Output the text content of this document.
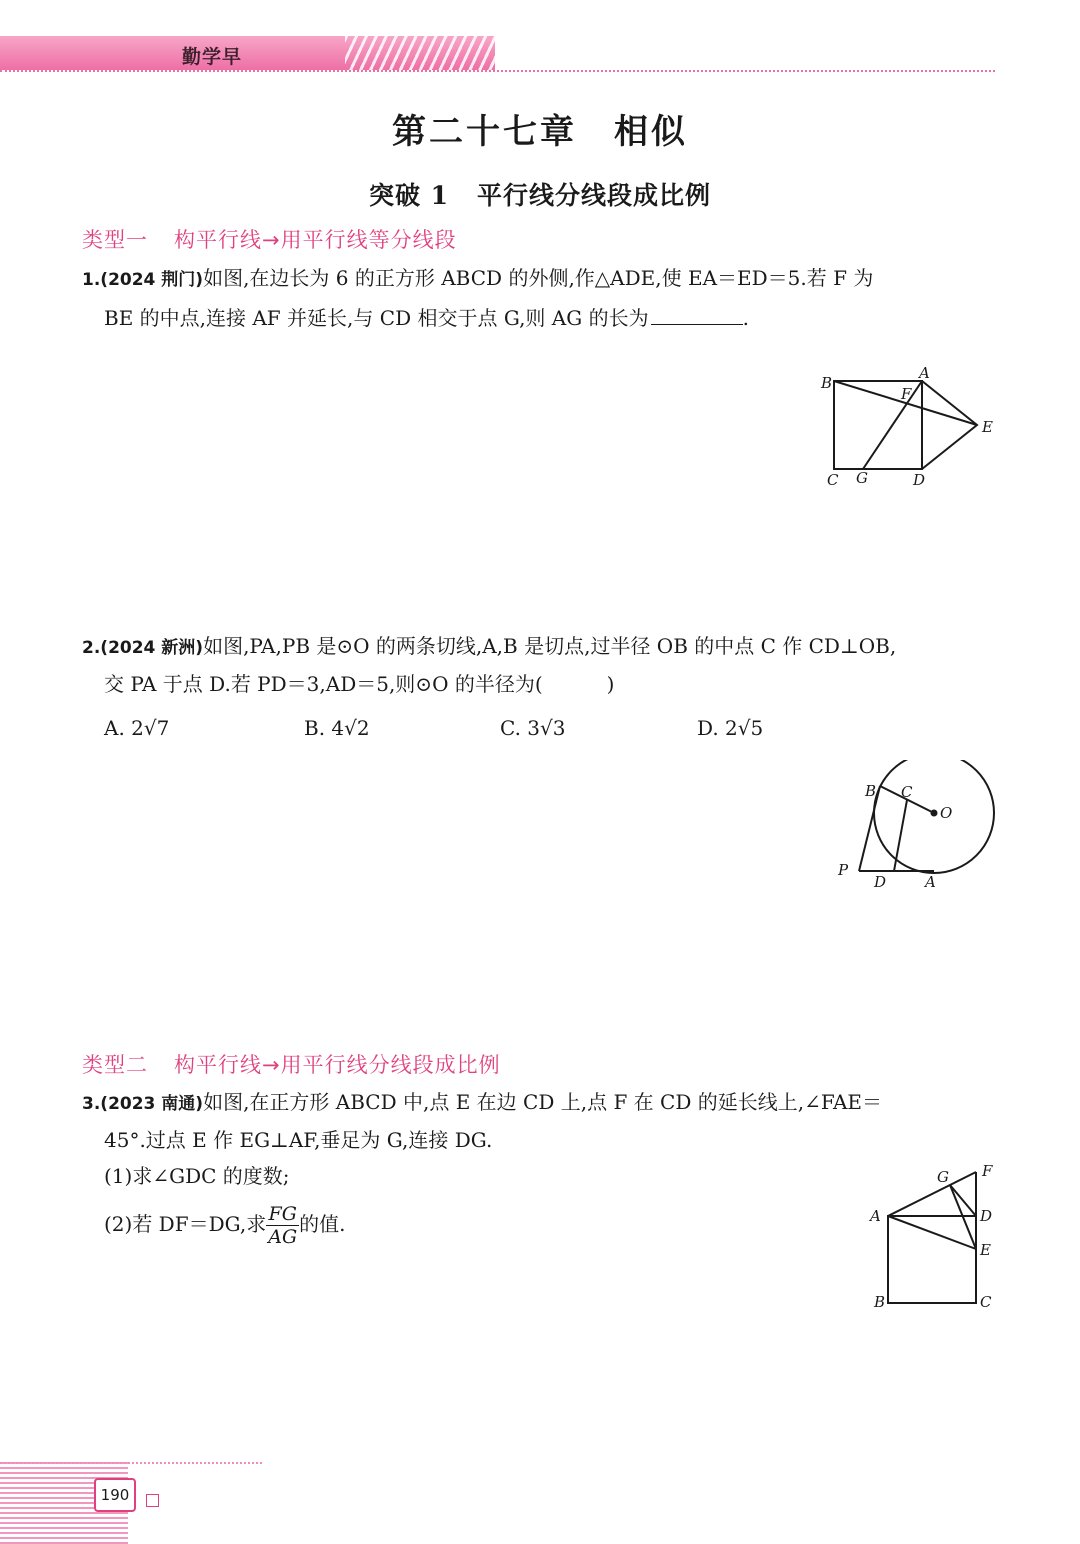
勤学早
第二十七章　相似
突破 1 平行线分线段成比例
类型一 构平行线→用平行线等分线段
1.(2024 荆门)如图,在边长为 6 的正方形 ABCD 的外侧,作△ADE,使 EA＝ED＝5.若 F 为
BE 的中点,连接 AF 并延长,与 CD 相交于点 G,则 AG 的长为	.
B
A
F
E
C G	D
2.(2024 新洲)如图,PA,PB 是⊙O 的两条切线,A,B 是切点,过半径 OB 的中点 C 作 CD⊥OB,
交 PA 于点 D.若 PD＝3,AD＝5,则⊙O 的半径为(	)
A. 2√7	B. 4√2	C. 3√3	D. 2√5
B C
O
P
D	A
类型二 构平行线→用平行线分线段成比例
3.(2023 南通)如图,在正方形 ABCD 中,点 E 在边 CD 上,点 F 在 CD 的延长线上,∠FAE＝
45°.过点 E 作 EG⊥AF,垂足为 G,连接 DG.
(1)求∠GDC 的度数;
(2)若 DF＝DG,求 $\frac{FG}{AG}$ 的值.
G F
A	D
E
B	C
190
